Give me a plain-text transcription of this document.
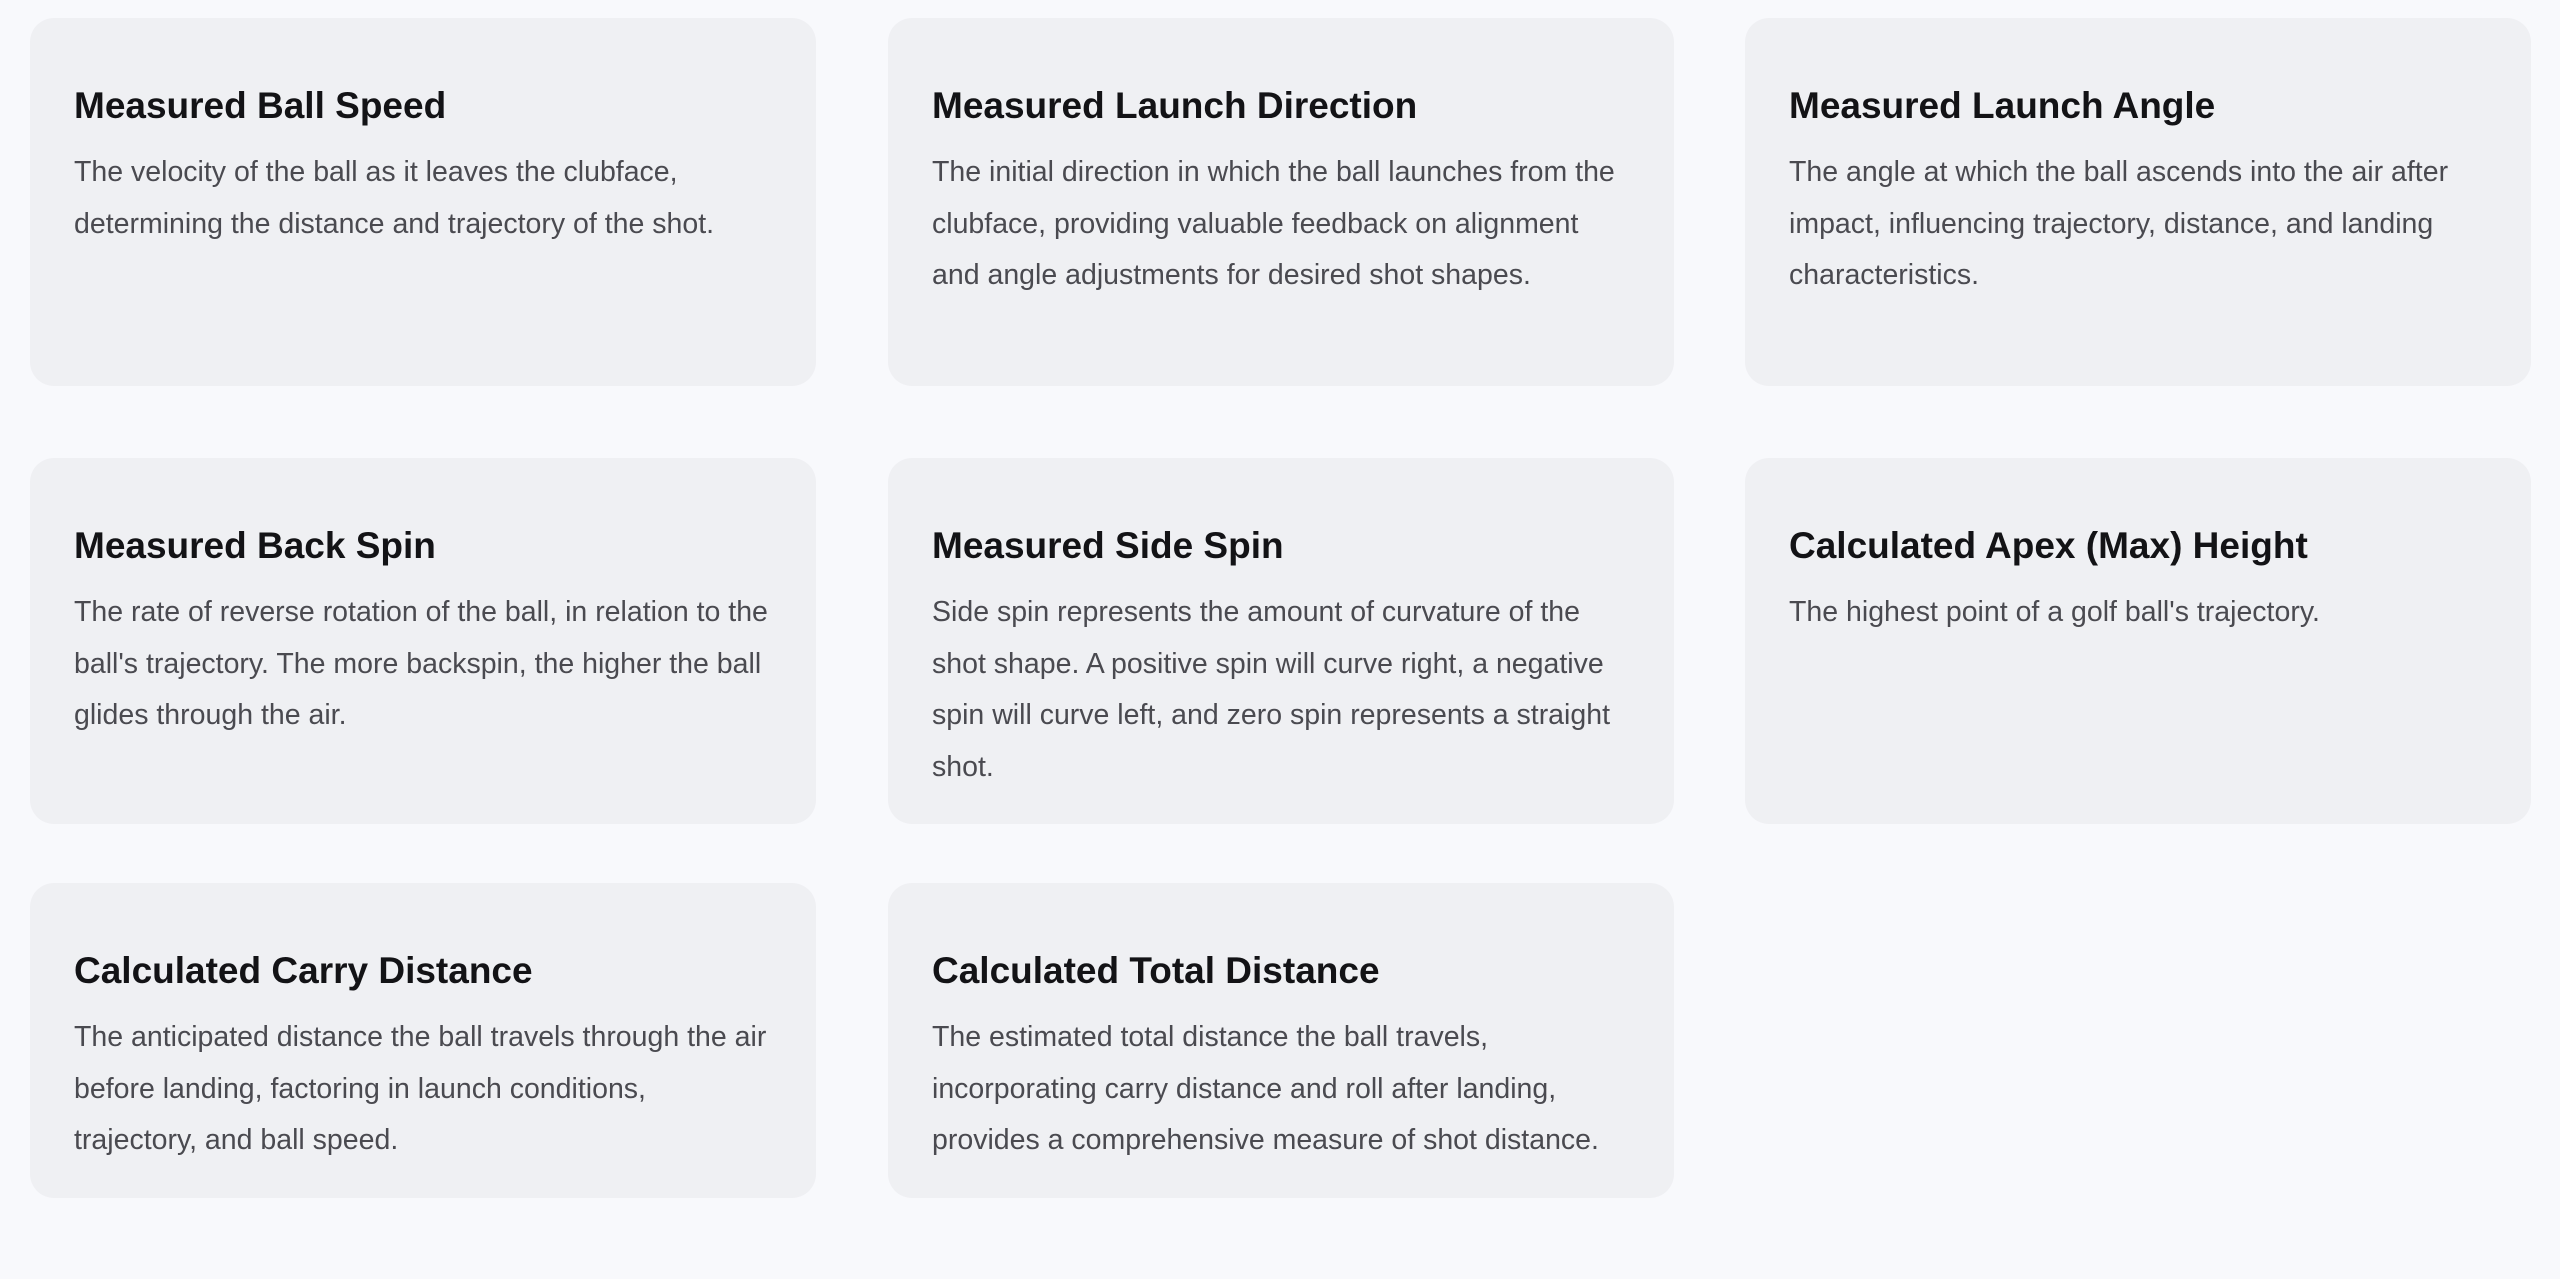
Measured Ball Speed

The velocity of the ball as it leaves the clubface, determining the distance and trajectory of the shot.

Measured Launch Direction

The initial direction in which the ball launches from the clubface, providing valuable feedback on alignment and angle adjustments for desired shot shapes.

Measured Launch Angle

The angle at which the ball ascends into the air after impact, influencing trajectory, distance, and landing characteristics.

Measured Back Spin

The rate of reverse rotation of the ball, in relation to the ball's trajectory. The more backspin, the higher the ball glides through the air.

Measured Side Spin

Side spin represents the amount of curvature of the shot shape. A positive spin will curve right, a negative spin will curve left, and zero spin represents a straight shot.

Calculated Apex (Max) Height

The highest point of a golf ball's trajectory.

Calculated Carry Distance

The anticipated distance the ball travels through the air before landing, factoring in launch conditions, trajectory, and ball speed.

Calculated Total Distance

The estimated total distance the ball travels, incorporating carry distance and roll after landing, provides a comprehensive measure of shot distance.
